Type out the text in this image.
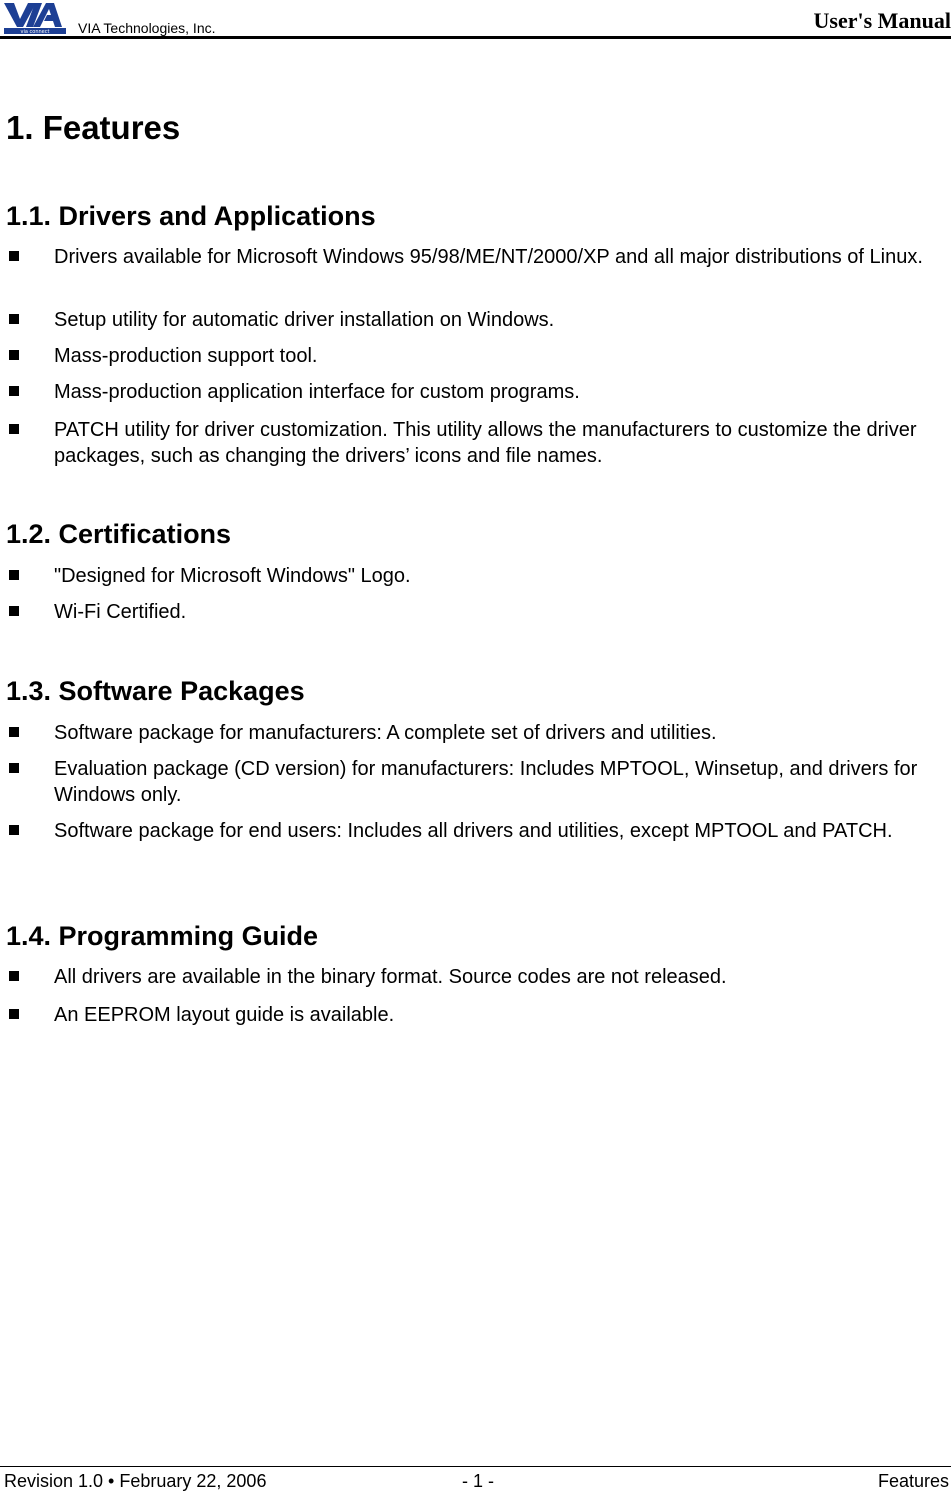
via connect VIA Technologies, Inc.	User's Manual
1. Features
1.1. Drivers and Applications
Drivers available for Microsoft Windows 95/98/ME/NT/2000/XP and all major distributions of Linux.
Setup utility for automatic driver installation on Windows.
Mass-production support tool.
Mass-production application interface for custom programs.
PATCH utility for driver customization. This utility allows the manufacturers to customize the driver packages, such as changing the drivers’ icons and file names.
1.2. Certifications
"Designed for Microsoft Windows" Logo.
Wi-Fi Certified.
1.3. Software Packages
Software package for manufacturers: A complete set of drivers and utilities.
Evaluation package (CD version) for manufacturers: Includes MPTOOL, Winsetup, and drivers for Windows only.
Software package for end users: Includes all drivers and utilities, except MPTOOL and PATCH.
1.4. Programming Guide
All drivers are available in the binary format. Source codes are not released.
An EEPROM layout guide is available.
Revision 1.0 • February 22, 2006	- 1 -	Features
